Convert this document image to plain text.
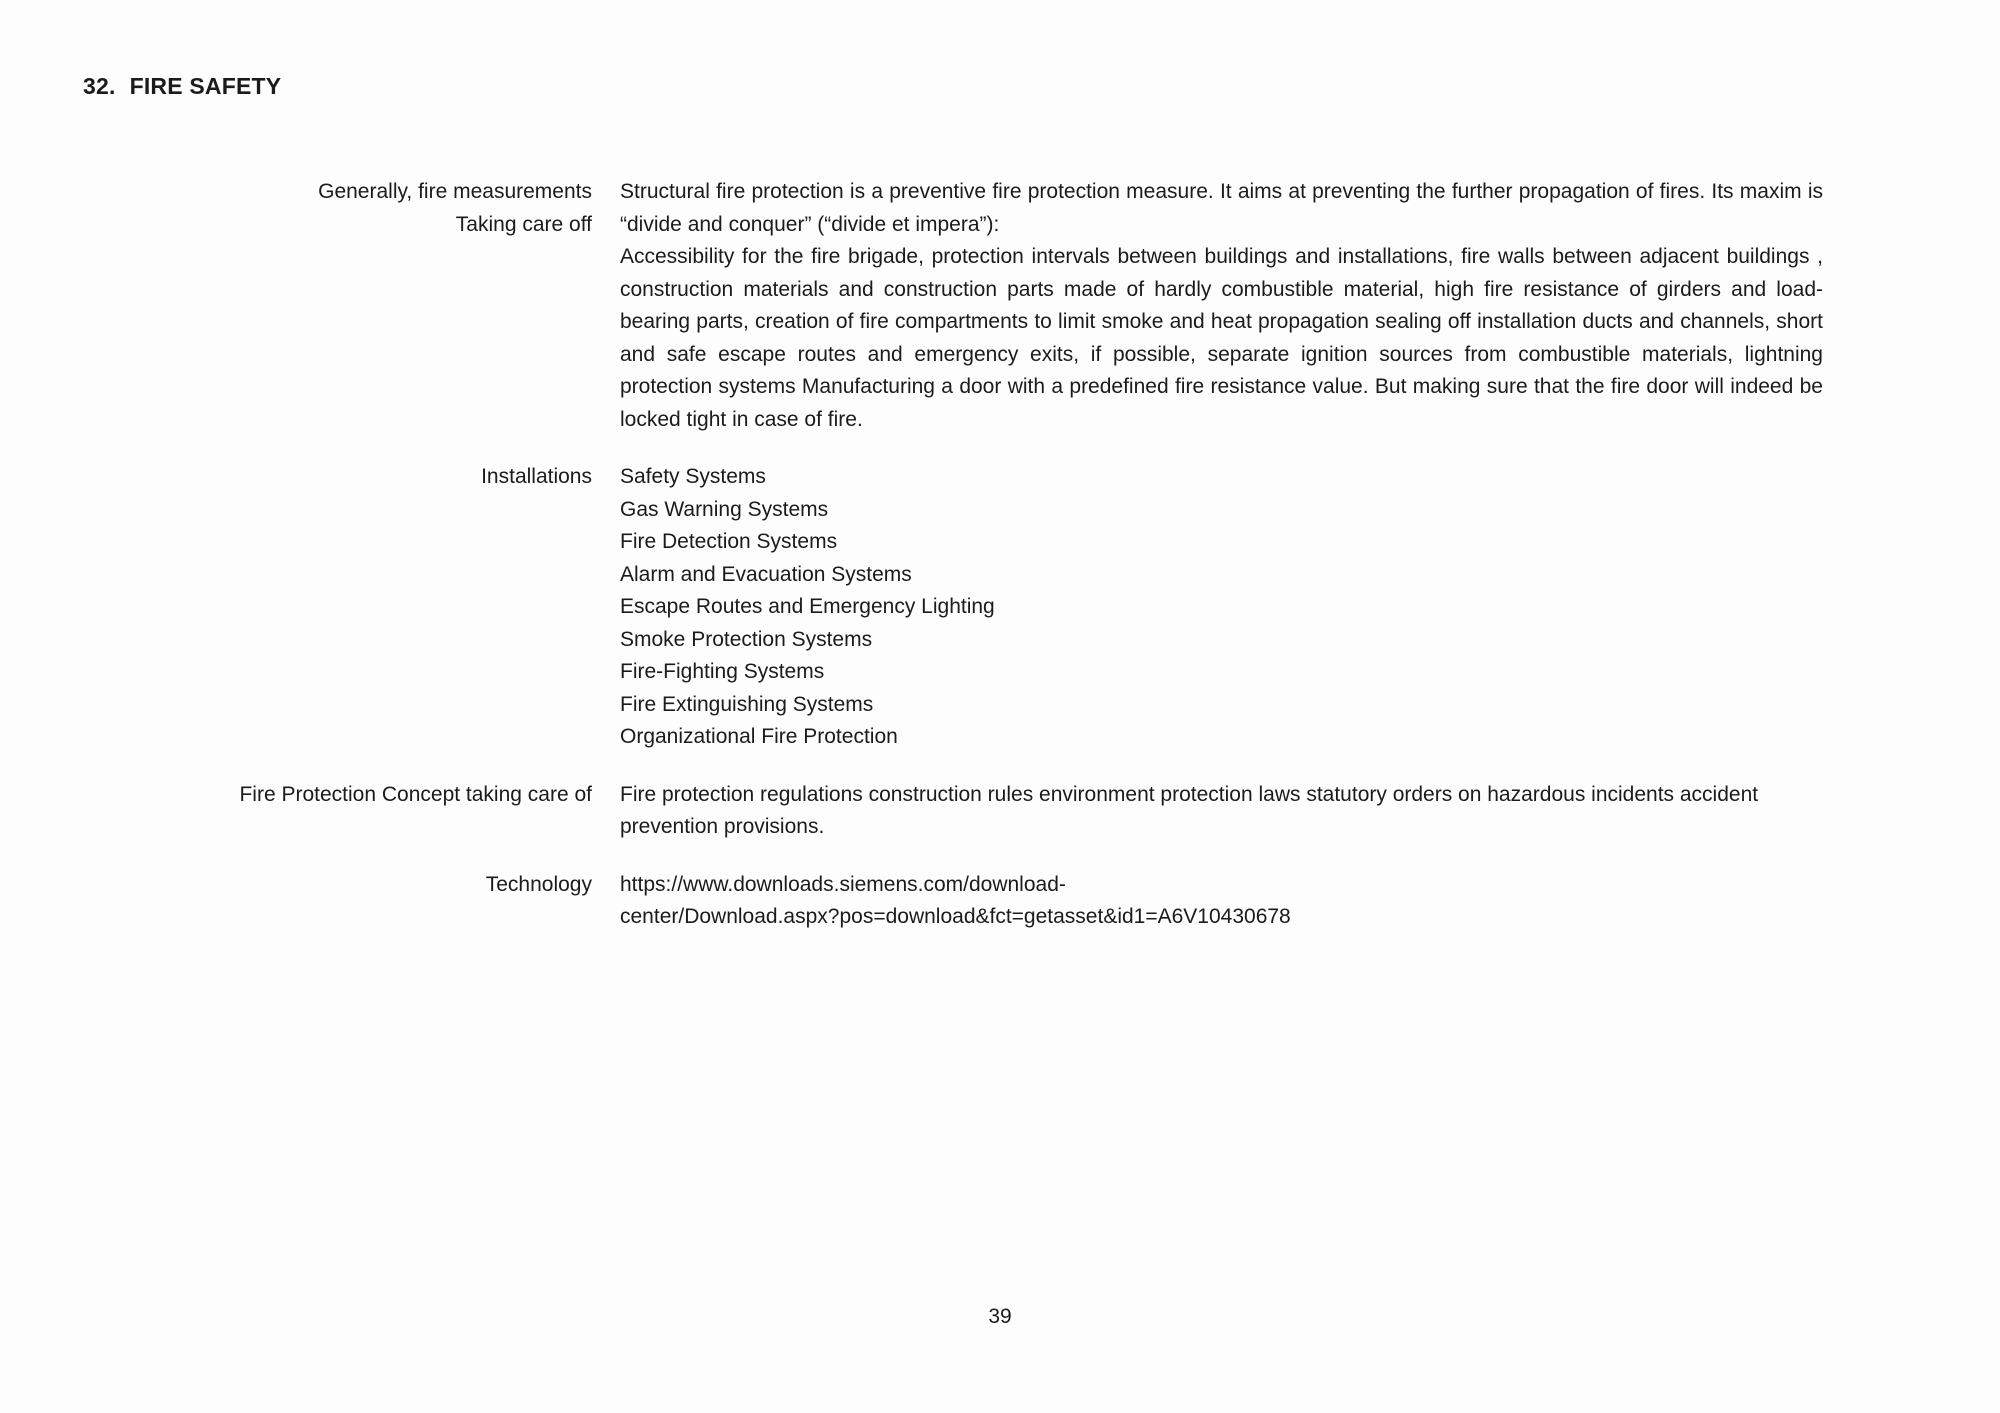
32. FIRE SAFETY
Generally, fire measurements
Taking care off
Structural fire protection is a preventive fire protection measure. It aims at preventing the further propagation of fires. Its maxim is “divide and conquer” (“divide et impera”):
Accessibility for the fire brigade, protection intervals between buildings and installations, fire walls between adjacent buildings , construction materials and construction parts made of hardly combustible material, high fire resistance of girders and load-bearing parts, creation of fire compartments to limit smoke and heat propagation sealing off installation ducts and channels, short and safe escape routes and emergency exits, if possible, separate ignition sources from combustible materials, lightning protection systems Manufacturing a door with a predefined fire resistance value. But making sure that the fire door will indeed be locked tight in case of fire.
Installations Safety Systems
Gas Warning Systems
Fire Detection Systems
Alarm and Evacuation Systems
Escape Routes and Emergency Lighting
Smoke Protection Systems
Fire-Fighting Systems
Fire Extinguishing Systems
Organizational Fire Protection
Fire Protection Concept taking care of Fire protection regulations construction rules environment protection laws statutory orders on hazardous incidents accident prevention provisions.
Technology https://www.downloads.siemens.com/download-
center/Download.aspx?pos=download&fct=getasset&id1=A6V10430678
39
